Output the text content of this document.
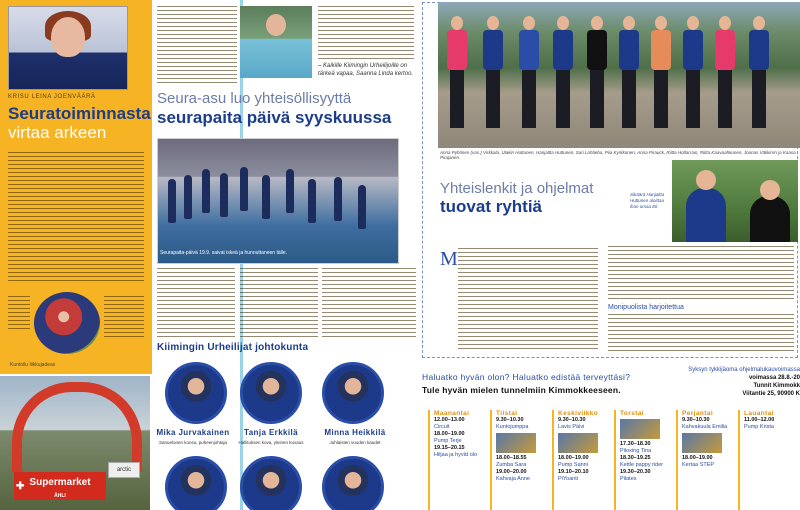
KRISU LEINA JOENVÄÄRÄ
Seuratoiminnasta
virtaa arkeen
Kuntoilu liikkujadeas
✚ Supermarket
ÄHLI
arctic
– Kaikille Kiimingin Urheilijoille on tärkeä vapaa, Saanna Linda kertoo.
Seura-asu luo yhteisöllisyyttä
seurapaita päivä syyskuussa
Seurapaita-päivä 19.9. saivat iskeä ja hunnuttaneen tälle.
Kiimingin Urheilijat johtokunta
Mika Jurvakainen	Tanja Erkkilä	Minna Heikkilä
Sanuelonen konsu, puheenjohtaja	Hallituksen kova, yleinen kuvaus	Juhlaisten vuoden kaudet
Anna Pyhtinen (vas.) Virkkala, Ulakin Huttunen, Hanjaltta Huttunen, Sari Lohtieba, Piia Kyrkkonen, Anna Pirauck, Riitta Holtarrain, Riitta Kaavaahkunen, Joonas Välikirrin ja Kaasa Pirajanen.
Yhteislenkit ja ohjelmat
tuovat ryhtiä
Sikäärä Hanjaltta Huttunen aloittaa ihan omaa Eli.
M
Monipuolista harjoitettua
Haluatko hyvän olon? Haluatko edistää terveyttäsi?
Tule hyvän mielen tunnelmiin Kimmokkeeseen.
Syksyn tykkijäoma ohjelmalukauvoimassa
voimassa 28.8.-20
Tunnit Kimmokk
Viitantie 25, 90900 K
Maanantai
12.00–13.00
Circuit
18.00–19.00
Pump Terje
19.15–20.15
Hiljaa ja hyvät olo
Tiistai
9.30–10.30
Kuntojumppa
18.00–18.55
Zumba Sara
19.00–20.00
Kahvaja Anne
Keskiviikko
9.30–10.30
Lavis Päivi
18.00–19.00
Pump Sanni
19.10–20.10
PiYoanti
Torstai
17.30–18.30
Piloxing Tina
18.30–19.25
Kettle pappy rider
19.30–20.30
Pilates
Perjantai
9.30–10.30
Kahvakuula Emilia
18.00–19.00
Kertaa STEP
Lauantai
11.00–12.00
Pump Krista
